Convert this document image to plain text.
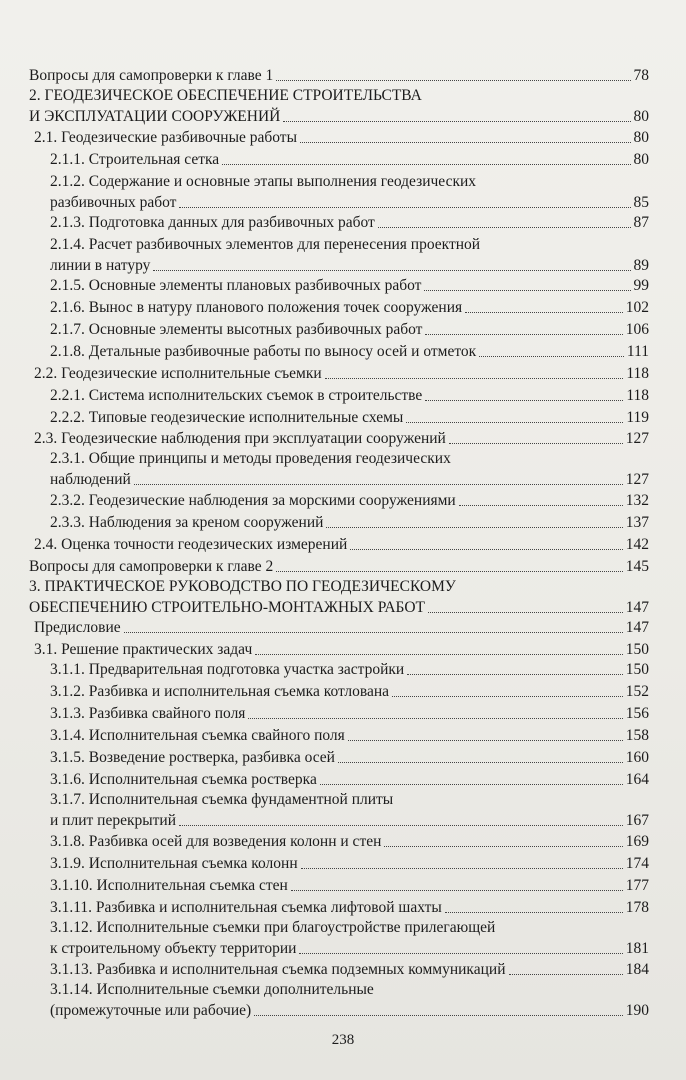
Вопросы для самопроверки к главе 1	78
2. ГЕОДЕЗИЧЕСКОЕ ОБЕСПЕЧЕНИЕ СТРОИТЕЛЬСТВА
И ЭКСПЛУАТАЦИИ СООРУЖЕНИЙ	80
2.1. Геодезические разбивочные работы	80
2.1.1. Строительная сетка	80
2.1.2. Содержание и основные этапы выполнения геодезических
разбивочных работ	85
2.1.3. Подготовка данных для разбивочных работ	87
2.1.4. Расчет разбивочных элементов для перенесения проектной
линии в натуру	89
2.1.5. Основные элементы плановых разбивочных работ	99
2.1.6. Вынос в натуру планового положения точек сооружения	102
2.1.7. Основные элементы высотных разбивочных работ	106
2.1.8. Детальные разбивочные работы по выносу осей и отметок	111
2.2. Геодезические исполнительные съемки	118
2.2.1. Система исполнительских съемок в строительстве	118
2.2.2. Типовые геодезические исполнительные схемы	119
2.3. Геодезические наблюдения при эксплуатации сооружений	127
2.3.1. Общие принципы и методы проведения геодезических
наблюдений	127
2.3.2. Геодезические наблюдения за морскими сооружениями	132
2.3.3. Наблюдения за креном сооружений	137
2.4. Оценка точности геодезических измерений	142
Вопросы для самопроверки к главе 2	145
3. ПРАКТИЧЕСКОЕ РУКОВОДСТВО ПО ГЕОДЕЗИЧЕСКОМУ
ОБЕСПЕЧЕНИЮ СТРОИТЕЛЬНО-МОНТАЖНЫХ РАБОТ	147
Предисловие	147
3.1. Решение практических задач	150
3.1.1. Предварительная подготовка участка застройки	150
3.1.2. Разбивка и исполнительная съемка котлована	152
3.1.3. Разбивка свайного поля	156
3.1.4. Исполнительная съемка свайного поля	158
3.1.5. Возведение ростверка, разбивка осей	160
3.1.6. Исполнительная съемка ростверка	164
3.1.7. Исполнительная съемка фундаментной плиты
и плит перекрытий	167
3.1.8. Разбивка осей для возведения колонн и стен	169
3.1.9. Исполнительная съемка колонн	174
3.1.10. Исполнительная съемка стен	177
3.1.11. Разбивка и исполнительная съемка лифтовой шахты	178
3.1.12. Исполнительные съемки при благоустройстве прилегающей
к строительному объекту территории	181
3.1.13. Разбивка и исполнительная съемка подземных коммуникаций	184
3.1.14. Исполнительные съемки дополнительные
(промежуточные или рабочие)	190
238
